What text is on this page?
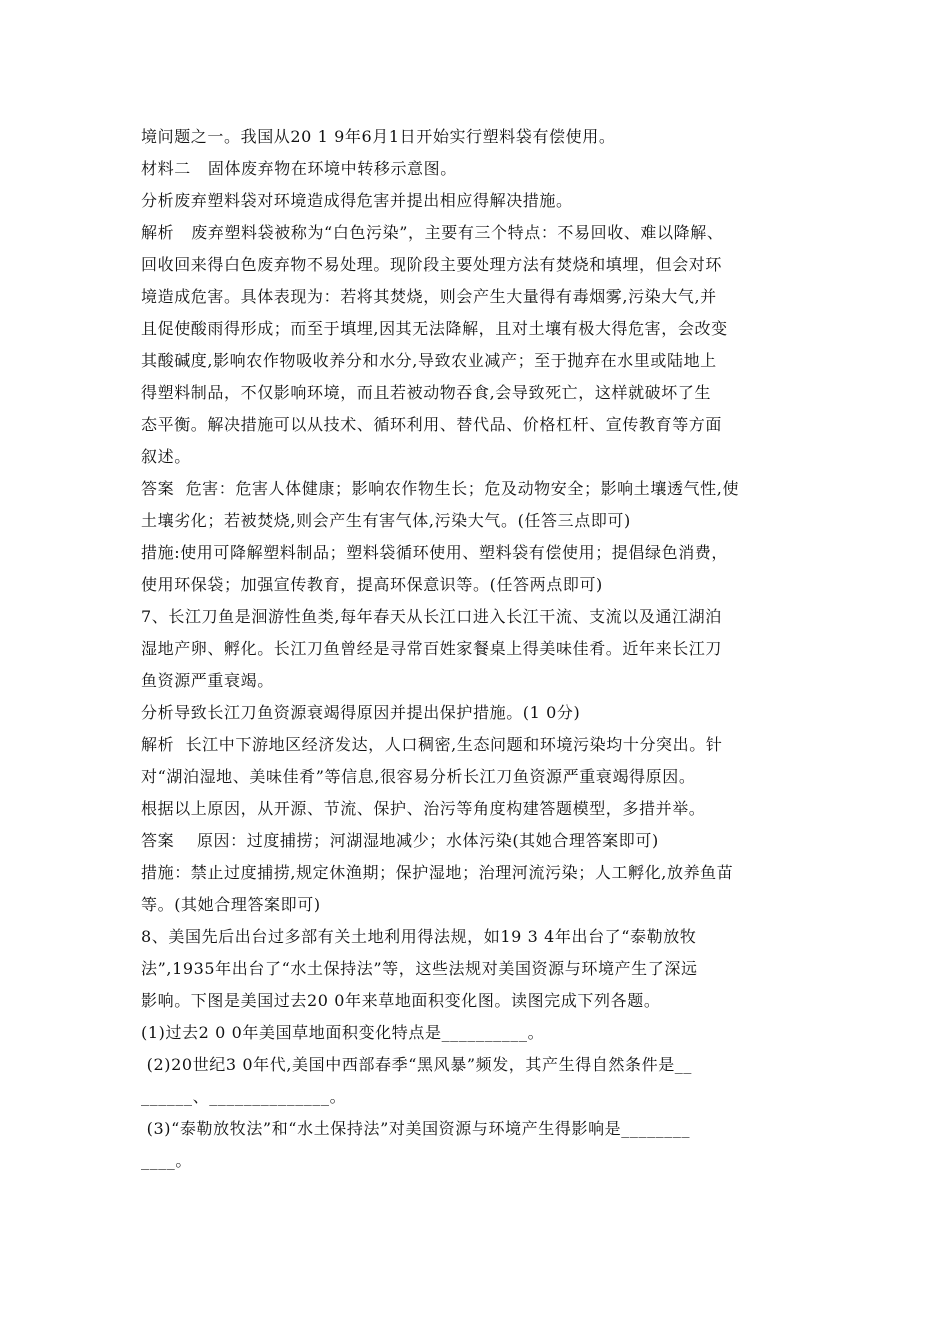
境问题之一。我国从20 1 9年6月1日开始实行塑料袋有偿使用。
材料二   固体废弃物在环境中转移示意图。
分析废弃塑料袋对环境造成得危害并提出相应得解决措施。
解析   废弃塑料袋被称为“白色污染”，主要有三个特点：不易回收、难以降解、
回收回来得白色废弃物不易处理。现阶段主要处理方法有焚烧和填埋，但会对环
境造成危害。具体表现为：若将其焚烧，则会产生大量得有毒烟雾,污染大气,并
且促使酸雨得形成；而至于填埋,因其无法降解，且对土壤有极大得危害，会改变
其酸碱度,影响农作物吸收养分和水分,导致农业减产；至于抛弃在水里或陆地上
得塑料制品，不仅影响环境，而且若被动物吞食,会导致死亡，这样就破坏了生
态平衡。解决措施可以从技术、循环利用、替代品、价格杠杆、宣传教育等方面
叙述。
答案  危害：危害人体健康；影响农作物生长；危及动物安全；影响土壤透气性,使
土壤劣化；若被焚烧,则会产生有害气体,污染大气。(任答三点即可)
措施:使用可降解塑料制品；塑料袋循环使用、塑料袋有偿使用；提倡绿色消费，
使用环保袋；加强宣传教育，提高环保意识等。(任答两点即可)
7、长江刀鱼是洄游性鱼类,每年春天从长江口进入长江干流、支流以及通江湖泊
湿地产卵、孵化。长江刀鱼曾经是寻常百姓家餐桌上得美味佳肴。近年来长江刀
鱼资源严重衰竭。
分析导致长江刀鱼资源衰竭得原因并提出保护措施。(1 0分)
解析  长江中下游地区经济发达，人口稠密,生态问题和环境污染均十分突出。针
对“湖泊湿地、美味佳肴”等信息,很容易分析长江刀鱼资源严重衰竭得原因。
根据以上原因，从开源、节流、保护、治污等角度构建答题模型，多措并举。
答案    原因：过度捕捞；河湖湿地减少；水体污染(其她合理答案即可)
措施：禁止过度捕捞,规定休渔期；保护湿地；治理河流污染；人工孵化,放养鱼苗
等。(其她合理答案即可)
8、美国先后出台过多部有关土地利用得法规，如19 3 4年出台了“泰勒放牧
法”,1935年出台了“水土保持法”等，这些法规对美国资源与环境产生了深远
影响。下图是美国过去20 0年来草地面积变化图。读图完成下列各题。
(1)过去2 0 0年美国草地面积变化特点是__________。
(2)20世纪3 0年代,美国中西部春季“黑风暴”频发，其产生得自然条件是__
______、______________。
(3)“泰勒放牧法”和“水土保持法”对美国资源与环境产生得影响是________
____。
